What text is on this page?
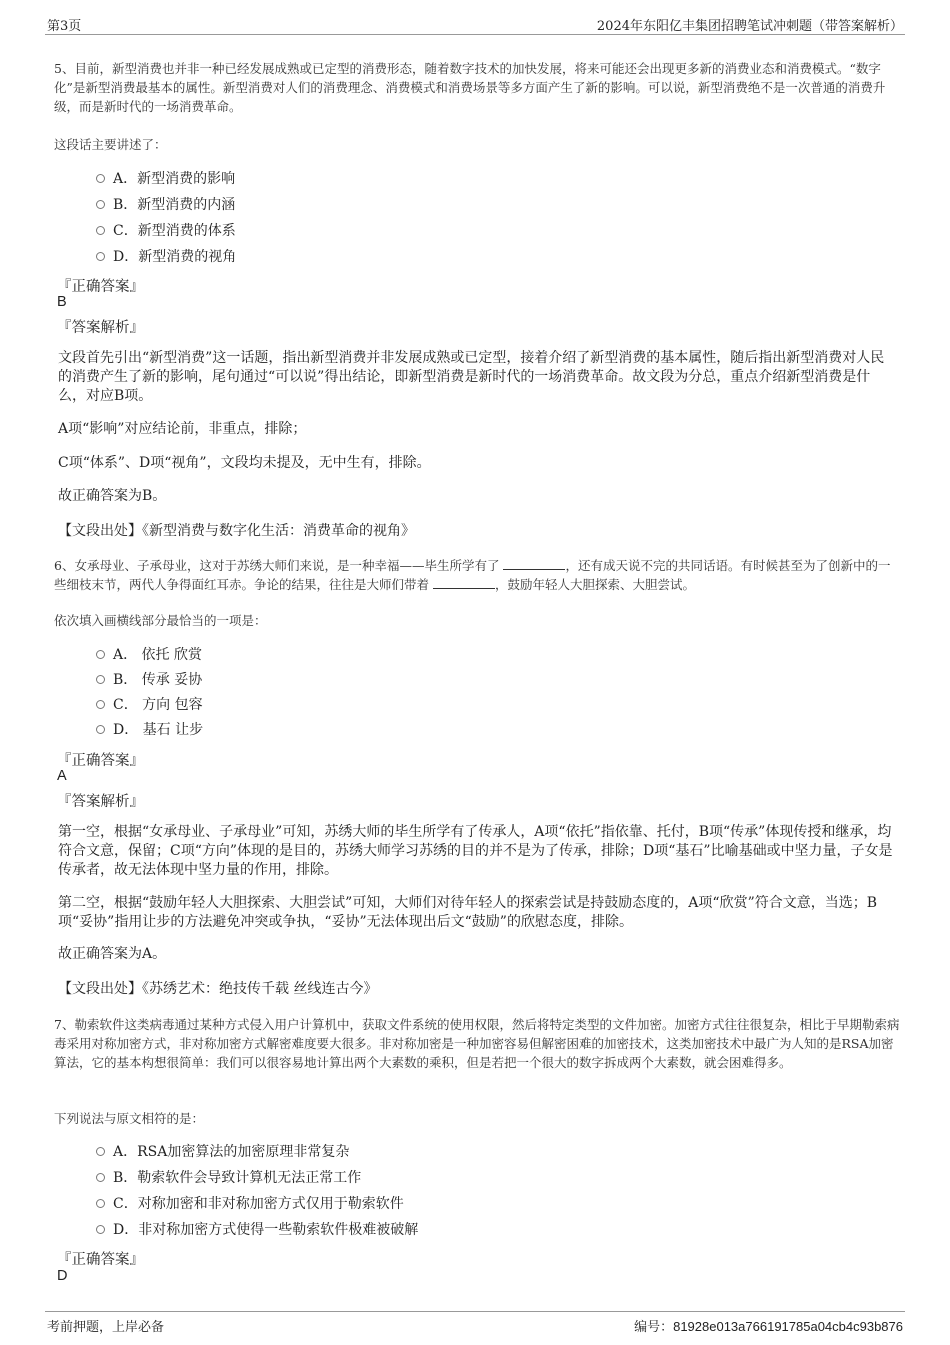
第3页	2024年东阳亿丰集团招聘笔试冲刺题（带答案解析）
5、目前，新型消费也并非一种已经发展成熟或已定型的消费形态，随着数字技术的加快发展，将来可能还会出现更多新的消费业态和消费模式。“数字化”是新型消费最基本的属性。新型消费对人们的消费理念、消费模式和消费场景等多方面产生了新的影响。可以说，新型消费绝不是一次普通的消费升级，而是新时代的一场消费革命。
这段话主要讲述了：
A．新型消费的影响
B．新型消费的内涵
C．新型消费的体系
D．新型消费的视角
『正确答案』
B
『答案解析』
文段首先引出“新型消费”这一话题，指出新型消费并非发展成熟或已定型，接着介绍了新型消费的基本属性，随后指出新型消费对人民的消费产生了新的影响，尾句通过“可以说”得出结论，即新型消费是新时代的一场消费革命。故文段为分总，重点介绍新型消费是什么，对应B项。
A项“影响”对应结论前，非重点，排除；
C项“体系”、D项“视角”，文段均未提及，无中生有，排除。
故正确答案为B。
【文段出处】《新型消费与数字化生活：消费革命的视角》
6、女承母业、子承母业，这对于苏绣大师们来说，是一种幸福——毕生所学有了	，还有成天说不完的共同话语。有时候甚至为了创新中的一些细枝末节，两代人争得面红耳赤。争论的结果，往往是大师们带着	，鼓励年轻人大胆探索、大胆尝试。
依次填入画横线部分最恰当的一项是：
A． 依托 欣赏
B． 传承 妥协
C． 方向 包容
D． 基石 让步
『正确答案』
A
『答案解析』
第一空，根据“女承母业、子承母业”可知，苏绣大师的毕生所学有了传承人，A项“依托”指依靠、托付，B项“传承”体现传授和继承，均符合文意，保留；C项“方向”体现的是目的，苏绣大师学习苏绣的目的并不是为了传承，排除；D项“基石”比喻基础或中坚力量，子女是传承者，故无法体现中坚力量的作用，排除。
第二空，根据“鼓励年轻人大胆探索、大胆尝试”可知，大师们对待年轻人的探索尝试是持鼓励态度的，A项“欣赏”符合文意，当选；B项“妥协”指用让步的方法避免冲突或争执，“妥协”无法体现出后文“鼓励”的欣慰态度，排除。
故正确答案为A。
【文段出处】《苏绣艺术：绝技传千载 丝线连古今》
7、勒索软件这类病毒通过某种方式侵入用户计算机中，获取文件系统的使用权限，然后将特定类型的文件加密。加密方式往往很复杂，相比于早期勒索病毒采用对称加密方式，非对称加密方式解密难度要大很多。非对称加密是一种加密容易但解密困难的加密技术，这类加密技术中最广为人知的是RSA加密算法，它的基本构想很简单：我们可以很容易地计算出两个大素数的乘积，但是若把一个很大的数字拆成两个大素数，就会困难得多。
下列说法与原文相符的是：
A．RSA加密算法的加密原理非常复杂
B．勒索软件会导致计算机无法正常工作
C．对称加密和非对称加密方式仅用于勒索软件
D．非对称加密方式使得一些勒索软件极难被破解
『正确答案』
D
考前押题，上岸必备	编号：81928e013a766191785a04cb4c93b876
